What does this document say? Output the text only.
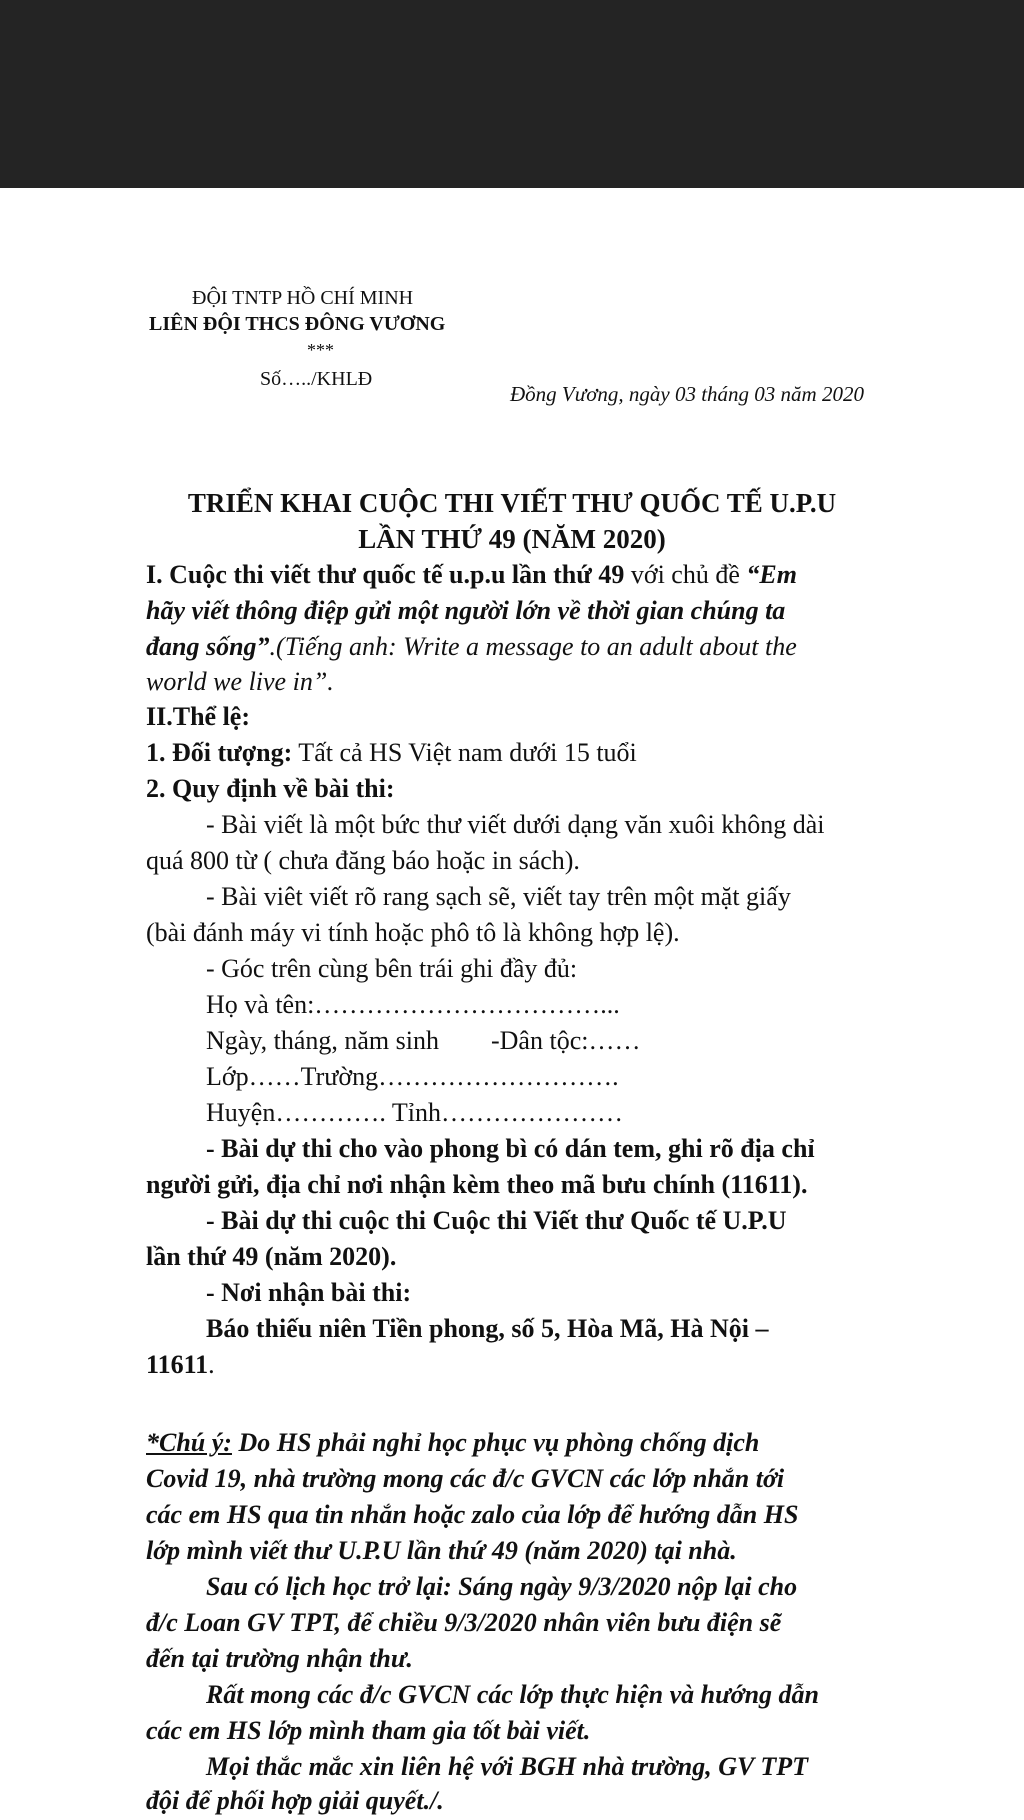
ĐỘI TNTP HỒ CHÍ MINH
LIÊN ĐỘI THCS ĐÔNG VƯƠNG
***
Số…../KHLĐ
Đồng Vương, ngày 03 tháng 03 năm 2020
TRIỂN KHAI CUỘC THI VIẾT THƯ QUỐC TẾ U.P.U
LẦN THỨ 49 (NĂM 2020)
I. Cuộc thi viết thư quốc tế u.p.u lần thứ 49 với chủ đề “Em
hãy viết thông điệp gửi một người lớn về thời gian chúng ta
đang sống”.(Tiếng anh: Write a message to an adult about the
world we live in”.
II.Thể lệ:
1. Đối tượng: Tất cả HS Việt nam dưới 15 tuổi
2. Quy định về bài thi:
- Bài viết là một bức thư viết dưới dạng văn xuôi không dài
quá 800 từ ( chưa đăng báo hoặc in sách).
- Bài viêt viết rõ rang sạch sẽ, viết tay trên một mặt giấy
(bài đánh máy vi tính hoặc phô tô là không hợp lệ).
- Góc trên cùng bên trái ghi đầy đủ:
Họ và tên:……………………………...
Ngày, tháng, năm sinh        -Dân tộc:……
Lớp……Trường……………………….
Huyện…………. Tỉnh…………………
- Bài dự thi cho vào phong bì có dán tem, ghi rõ địa chỉ
người gửi, địa chỉ nơi nhận kèm theo mã bưu chính (11611).
- Bài dự thi cuộc thi Cuộc thi Viết thư Quốc tế U.P.U
lần thứ 49 (năm 2020).
- Nơi nhận bài thi:
Báo thiếu niên Tiền phong, số 5, Hòa Mã, Hà Nội –
11611.
*Chú ý: Do HS phải nghỉ học phục vụ phòng chống dịch
Covid 19, nhà trường mong các đ/c GVCN các lớp nhắn tới
các em HS qua tin nhắn hoặc zalo của lớp để hướng dẫn HS
lớp mình viết thư U.P.U lần thứ 49 (năm 2020) tại nhà.
Sau có lịch học trở lại: Sáng ngày 9/3/2020 nộp lại cho
đ/c Loan GV TPT, để chiều 9/3/2020 nhân viên bưu điện sẽ
đến tại trường nhận thư.
Rất mong các đ/c GVCN các lớp thực hiện và hướng dẫn
các em HS lớp mình tham gia tốt bài viết.
Mọi thắc mắc xin liên hệ với BGH nhà trường, GV TPT
đội để phối hợp giải quyết./.
